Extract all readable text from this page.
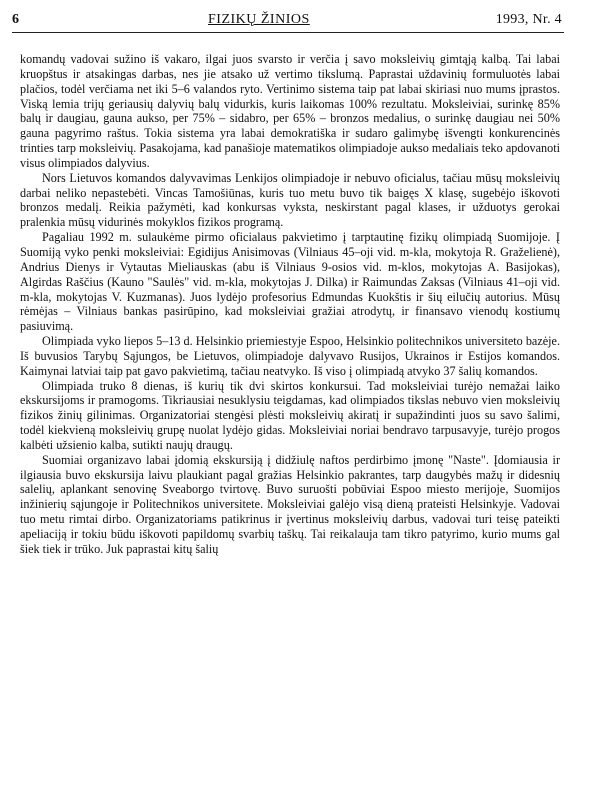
6	FIZIKŲ ŽINIOS	1993, Nr. 4

komandų vadovai sužino iš vakaro, ilgai juos svarsto ir verčia į savo moksleivių gimtąją kalbą. Tai labai kruopštus ir atsakingas darbas, nes jie atsako už vertimo tikslumą. Paprastai uždavinių formuluotės labai plačios, todėl verčiama net iki 5–6 valandos ryto. Vertinimo sistema taip pat labai skiriasi nuo mums įprastos. Viską lemia trijų geriausių dalyvių balų vidurkis, kuris laikomas 100% rezultatu. Moksleiviai, surinkę 85% balų ir daugiau, gauna aukso, per 75% – sidabro, per 65% – bronzos medalius, o surinkę daugiau nei 50% gauna pagyrimo raštus. Tokia sistema yra labai demokratiška ir sudaro galimybę išvengti konkurencinės trinties tarp moksleivių. Pasakojama, kad panašioje matematikos olimpiadoje aukso medaliais teko apdovanoti visus olimpiados dalyvius.

Nors Lietuvos komandos dalyvavimas Lenkijos olimpiadoje ir nebuvo oficialus, tačiau mūsų moksleivių darbai neliko nepastebėti. Vincas Tamošiūnas, kuris tuo metu buvo tik baigęs X klasę, sugebėjo iškovoti bronzos medalį. Reikia pažymėti, kad konkursas vyksta, neskirstant pagal klases, ir užduotys gerokai pralenkia mūsų vidurinės mokyklos fizikos programą.

Pagaliau 1992 m. sulaukėme pirmo oficialaus pakvietimo į tarptautinę fizikų olimpiadą Suomijoje. Į Suomiją vyko penki moksleiviai: Egidijus Anisimovas (Vilniaus 45–oji vid. m-kla, mokytoja R. Graželienė), Andrius Dienys ir Vytautas Mieliauskas (abu iš Vilniaus 9-osios vid. m-klos, mokytojas A. Basijokas), Algirdas Raščius (Kauno "Saulės" vid. m-kla, mokytojas J. Dilka) ir Raimundas Zaksas (Vilniaus 41–oji vid. m-kla, mokytojas V. Kuzmanas). Juos lydėjo profesorius Edmundas Kuokštis ir šių eilučių autorius. Mūsų rėmėjas – Vilniaus bankas pasirūpino, kad moksleiviai gražiai atrodytų, ir finansavo vienodų kostiumų pasiuvimą.

Olimpiada vyko liepos 5–13 d. Helsinkio priemiestyje Espoo, Helsinkio politechnikos universiteto bazėje. Iš buvusios Tarybų Sąjungos, be Lietuvos, olimpiadoje dalyvavo Rusijos, Ukrainos ir Estijos komandos. Kaimynai latviai taip pat gavo pakvietimą, tačiau neatvyko. Iš viso į olimpiadą atvyko 37 šalių komandos.

Olimpiada truko 8 dienas, iš kurių tik dvi skirtos konkursui. Tad moksleiviai turėjo nemažai laiko ekskursijoms ir pramogoms. Tikriausiai nesuklysiu teigdamas, kad olimpiados tikslas nebuvo vien moksleivių fizikos žinių gilinimas. Organizatoriai stengėsi plėsti moksleivių akiratį ir supažindinti juos su savo šalimi, todėl kiekvieną moksleivių grupę nuolat lydėjo gidas. Moksleiviai noriai bendravo tarpusavyje, turėjo progos kalbėti užsienio kalba, sutikti naujų draugų.

Suomiai organizavo labai įdomią ekskursiją į didžiulę naftos perdirbimo įmonę "Naste". Įdomiausia ir ilgiausia buvo ekskursija laivu plaukiant pagal gražias Helsinkio pakrantes, tarp daugybės mažų ir didesnių salelių, aplankant senovinę Sveaborgo tvirtovę. Buvo suruošti pobūviai Espoo miesto merijoje, Suomijos inžinierių sąjungoje ir Politechnikos universitete. Moksleiviai galėjo visą dieną prateisti Helsinkyje. Vadovai tuo metu rimtai dirbo. Organizatoriams patikrinus ir įvertinus moksleivių darbus, vadovai turi teisę pateikti apeliaciją ir tokiu būdu iškovoti papildomų svarbių taškų. Tai reikalauja tam tikro patyrimo, kurio mums gal šiek tiek ir trūko. Juk paprastai kitų šalių
